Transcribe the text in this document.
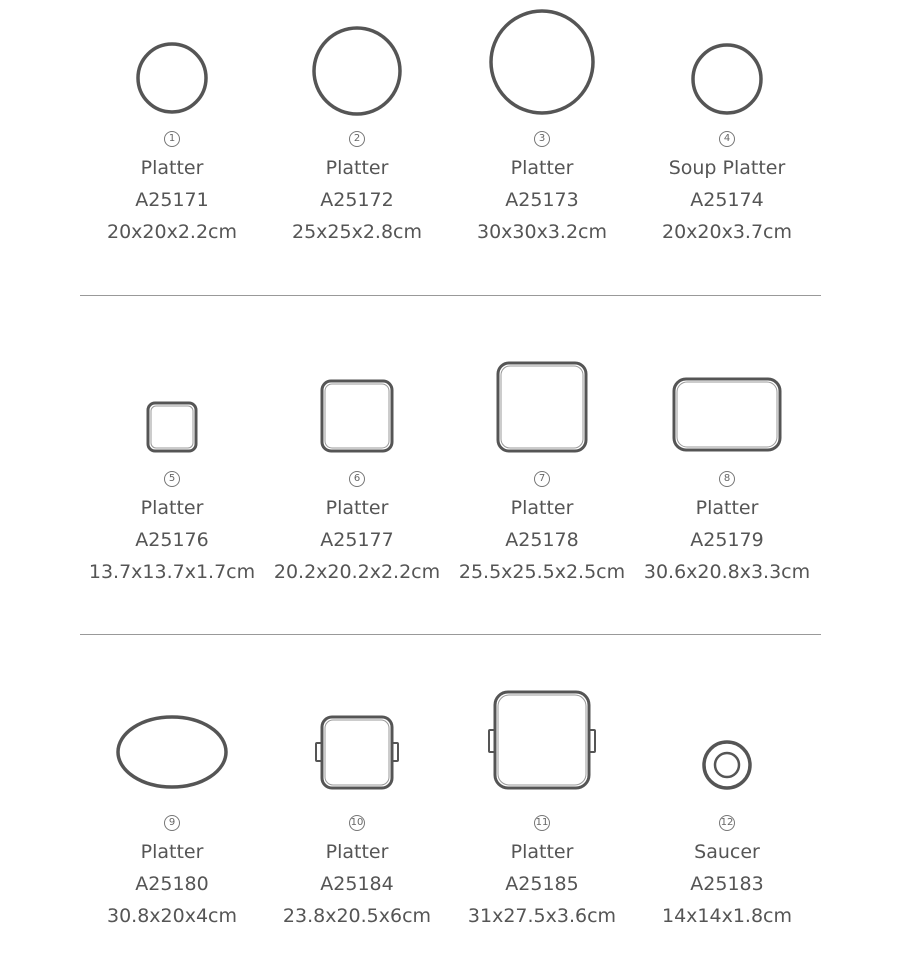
1
Platter
A25171
20x20x2.2cm
2
Platter
A25172
25x25x2.8cm
3
Platter
A25173
30x30x3.2cm
4
Soup Platter
A25174
20x20x3.7cm
5
Platter
A25176
13.7x13.7x1.7cm
6
Platter
A25177
20.2x20.2x2.2cm
7
Platter
A25178
25.5x25.5x2.5cm
8
Platter
A25179
30.6x20.8x3.3cm
9
Platter
A25180
30.8x20x4cm
10
Platter
A25184
23.8x20.5x6cm
11
Platter
A25185
31x27.5x3.6cm
12
Saucer
A25183
14x14x1.8cm
